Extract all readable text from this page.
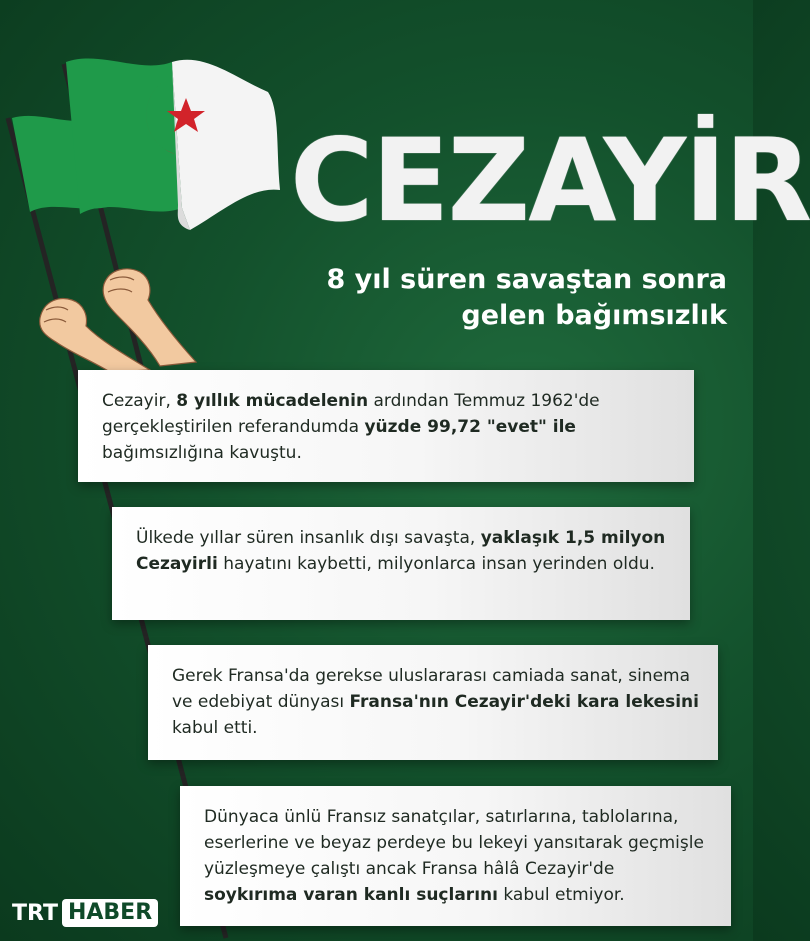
CEZAYİR
8 yıl süren savaştan sonra
gelen bağımsızlık
Cezayir, 8 yıllık mücadelenin ardından Temmuz 1962'de gerçekleştirilen referandumda yüzde 99,72 "evet" ile bağımsızlığına kavuştu.
Ülkede yıllar süren insanlık dışı savaşta, yaklaşık 1,5 milyon Cezayirli hayatını kaybetti, milyonlarca insan yerinden oldu.
Gerek Fransa'da gerekse uluslararası camiada sanat, sinema ve edebiyat dünyası Fransa'nın Cezayir'deki kara lekesini kabul etti.
Dünyaca ünlü Fransız sanatçılar, satırlarına, tablolarına, eserlerine ve beyaz perdeye bu lekeyi yansıtarak geçmişle yüzleşmeye çalıştı ancak Fransa hâlâ Cezayir'de soykırıma varan kanlı suçlarını kabul etmiyor.
TRT HABER
